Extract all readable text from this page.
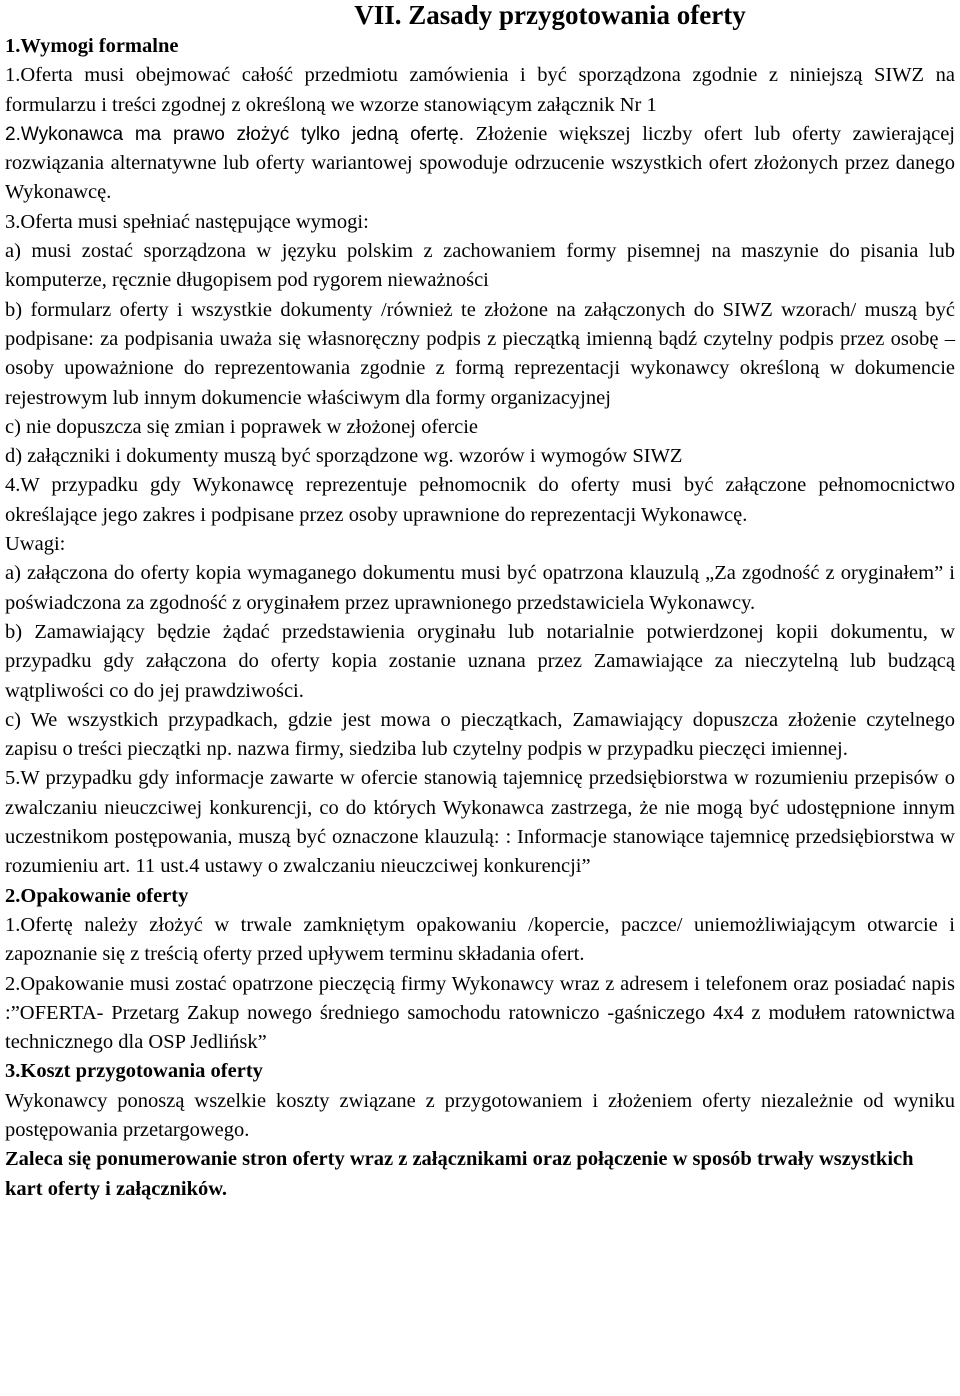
VII. Zasady przygotowania oferty
1.Wymogi formalne
1.Oferta musi obejmować całość przedmiotu zamówienia i być sporządzona zgodnie z niniejszą SIWZ na formularzu i treści zgodnej z określoną we wzorze stanowiącym załącznik Nr 1
2.Wykonawca ma prawo złożyć tylko jedną ofertę. Złożenie większej liczby ofert lub oferty zawierającej rozwiązania alternatywne lub oferty wariantowej spowoduje odrzucenie wszystkich ofert złożonych przez danego Wykonawcę.
3.Oferta musi spełniać następujące wymogi:
a) musi zostać sporządzona w języku polskim z zachowaniem formy pisemnej na maszynie do pisania lub komputerze, ręcznie długopisem pod rygorem nieważności
b) formularz oferty i wszystkie dokumenty /również te złożone na załączonych do SIWZ wzorach/ muszą być podpisane: za podpisania uważa się własnoręczny podpis z pieczątką imienną bądź czytelny podpis przez osobę – osoby upoważnione do reprezentowania zgodnie z formą reprezentacji wykonawcy określoną w dokumencie rejestrowym lub innym dokumencie właściwym dla formy organizacyjnej
c) nie dopuszcza się zmian i poprawek w złożonej ofercie
d) załączniki i dokumenty muszą być sporządzone wg. wzorów i wymogów SIWZ
4.W przypadku gdy Wykonawcę reprezentuje pełnomocnik do oferty musi być załączone pełnomocnictwo określające jego zakres i podpisane przez osoby uprawnione do reprezentacji Wykonawcę.
Uwagi:
a) załączona do oferty kopia wymaganego dokumentu musi być opatrzona klauzulą „Za zgodność z oryginałem” i poświadczona za zgodność z oryginałem przez uprawnionego przedstawiciela Wykonawcy.
b) Zamawiający będzie żądać przedstawienia oryginału lub notarialnie potwierdzonej kopii dokumentu, w przypadku gdy załączona do oferty kopia zostanie uznana przez Zamawiające za nieczytelną lub budzącą wątpliwości co do jej prawdziwości.
c) We wszystkich przypadkach, gdzie jest mowa o pieczątkach, Zamawiający dopuszcza złożenie czytelnego zapisu o treści pieczątki np. nazwa firmy, siedziba lub czytelny podpis w przypadku pieczęci imiennej.
5.W przypadku gdy informacje zawarte w ofercie stanowią tajemnicę przedsiębiorstwa w rozumieniu przepisów o zwalczaniu nieuczciwej konkurencji, co do których Wykonawca zastrzega, że nie mogą być udostępnione innym uczestnikom postępowania, muszą być oznaczone klauzulą: : Informacje stanowiące tajemnicę przedsiębiorstwa w rozumieniu art. 11 ust.4 ustawy o zwalczaniu nieuczciwej konkurencji”
2.Opakowanie oferty
1.Ofertę należy złożyć w trwale zamkniętym opakowaniu /kopercie, paczce/ uniemożliwiającym otwarcie i zapoznanie się z treścią oferty przed upływem terminu składania ofert.
2.Opakowanie musi zostać opatrzone pieczęcią firmy Wykonawcy wraz z adresem i telefonem oraz posiadać napis :”OFERTA- Przetarg Zakup nowego średniego samochodu ratowniczo -gaśniczego 4x4 z modułem ratownictwa technicznego dla OSP Jedlińsk”
3.Koszt przygotowania oferty
Wykonawcy ponoszą wszelkie koszty związane z przygotowaniem i złożeniem oferty niezależnie od wyniku postępowania przetargowego.
Zaleca się ponumerowanie stron oferty wraz z załącznikami oraz połączenie w sposób trwały wszystkich kart oferty i załączników.
